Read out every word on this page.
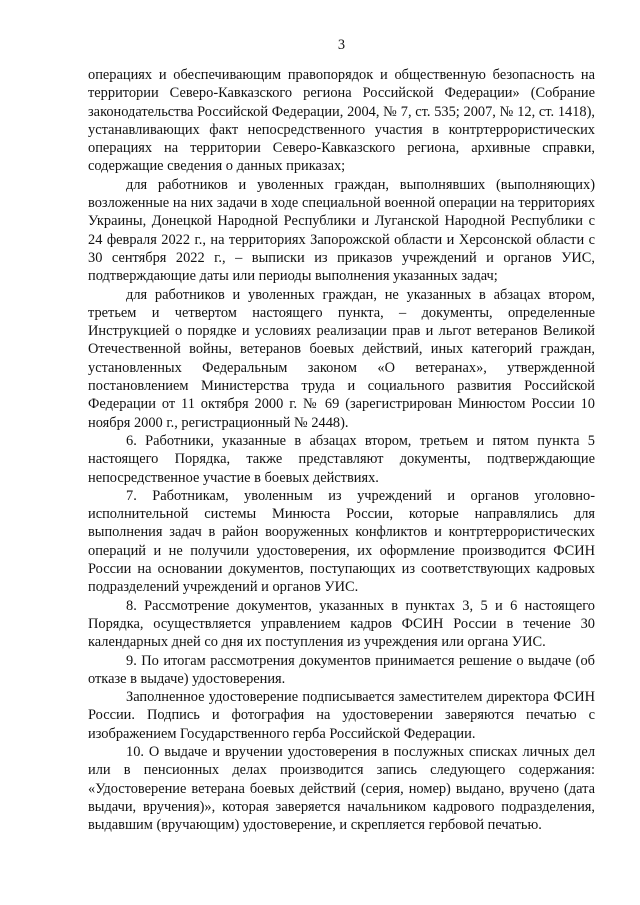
3

операциях и обеспечивающим правопорядок и общественную безопасность на территории Северо-Кавказского региона Российской Федерации» (Собрание законодательства Российской Федерации, 2004, № 7, ст. 535; 2007, № 12, ст. 1418), устанавливающих факт непосредственного участия в контртеррористических операциях на территории Северо-Кавказского региона, архивные справки, содержащие сведения о данных приказах;

для работников и уволенных граждан, выполнявших (выполняющих) возложенные на них задачи в ходе специальной военной операции на территориях Украины, Донецкой Народной Республики и Луганской Народной Республики с 24 февраля 2022 г., на территориях Запорожской области и Херсонской области с 30 сентября 2022 г., – выписки из приказов учреждений и органов УИС, подтверждающие даты или периоды выполнения указанных задач;

для работников и уволенных граждан, не указанных в абзацах втором, третьем и четвертом настоящего пункта, – документы, определенные Инструкцией о порядке и условиях реализации прав и льгот ветеранов Великой Отечественной войны, ветеранов боевых действий, иных категорий граждан, установленных Федеральным законом «О ветеранах», утвержденной постановлением Министерства труда и социального развития Российской Федерации от 11 октября 2000 г. № 69 (зарегистрирован Минюстом России 10 ноября 2000 г., регистрационный № 2448).

6. Работники, указанные в абзацах втором, третьем и пятом пункта 5 настоящего Порядка, также представляют документы, подтверждающие непосредственное участие в боевых действиях.

7. Работникам, уволенным из учреждений и органов уголовно-исполнительной системы Минюста России, которые направлялись для выполнения задач в район вооруженных конфликтов и контртеррористических операций и не получили удостоверения, их оформление производится ФСИН России на основании документов, поступающих из соответствующих кадровых подразделений учреждений и органов УИС.

8. Рассмотрение документов, указанных в пунктах 3, 5 и 6 настоящего Порядка, осуществляется управлением кадров ФСИН России в течение 30 календарных дней со дня их поступления из учреждения или органа УИС.

9. По итогам рассмотрения документов принимается решение о выдаче (об отказе в выдаче) удостоверения.

Заполненное удостоверение подписывается заместителем директора ФСИН России. Подпись и фотография на удостоверении заверяются печатью с изображением Государственного герба Российской Федерации.

10. О выдаче и вручении удостоверения в послужных списках личных дел или в пенсионных делах производится запись следующего содержания: «Удостоверение ветерана боевых действий (серия, номер) выдано, вручено (дата выдачи, вручения)», которая заверяется начальником кадрового подразделения, выдавшим (вручающим) удостоверение, и скрепляется гербовой печатью.
